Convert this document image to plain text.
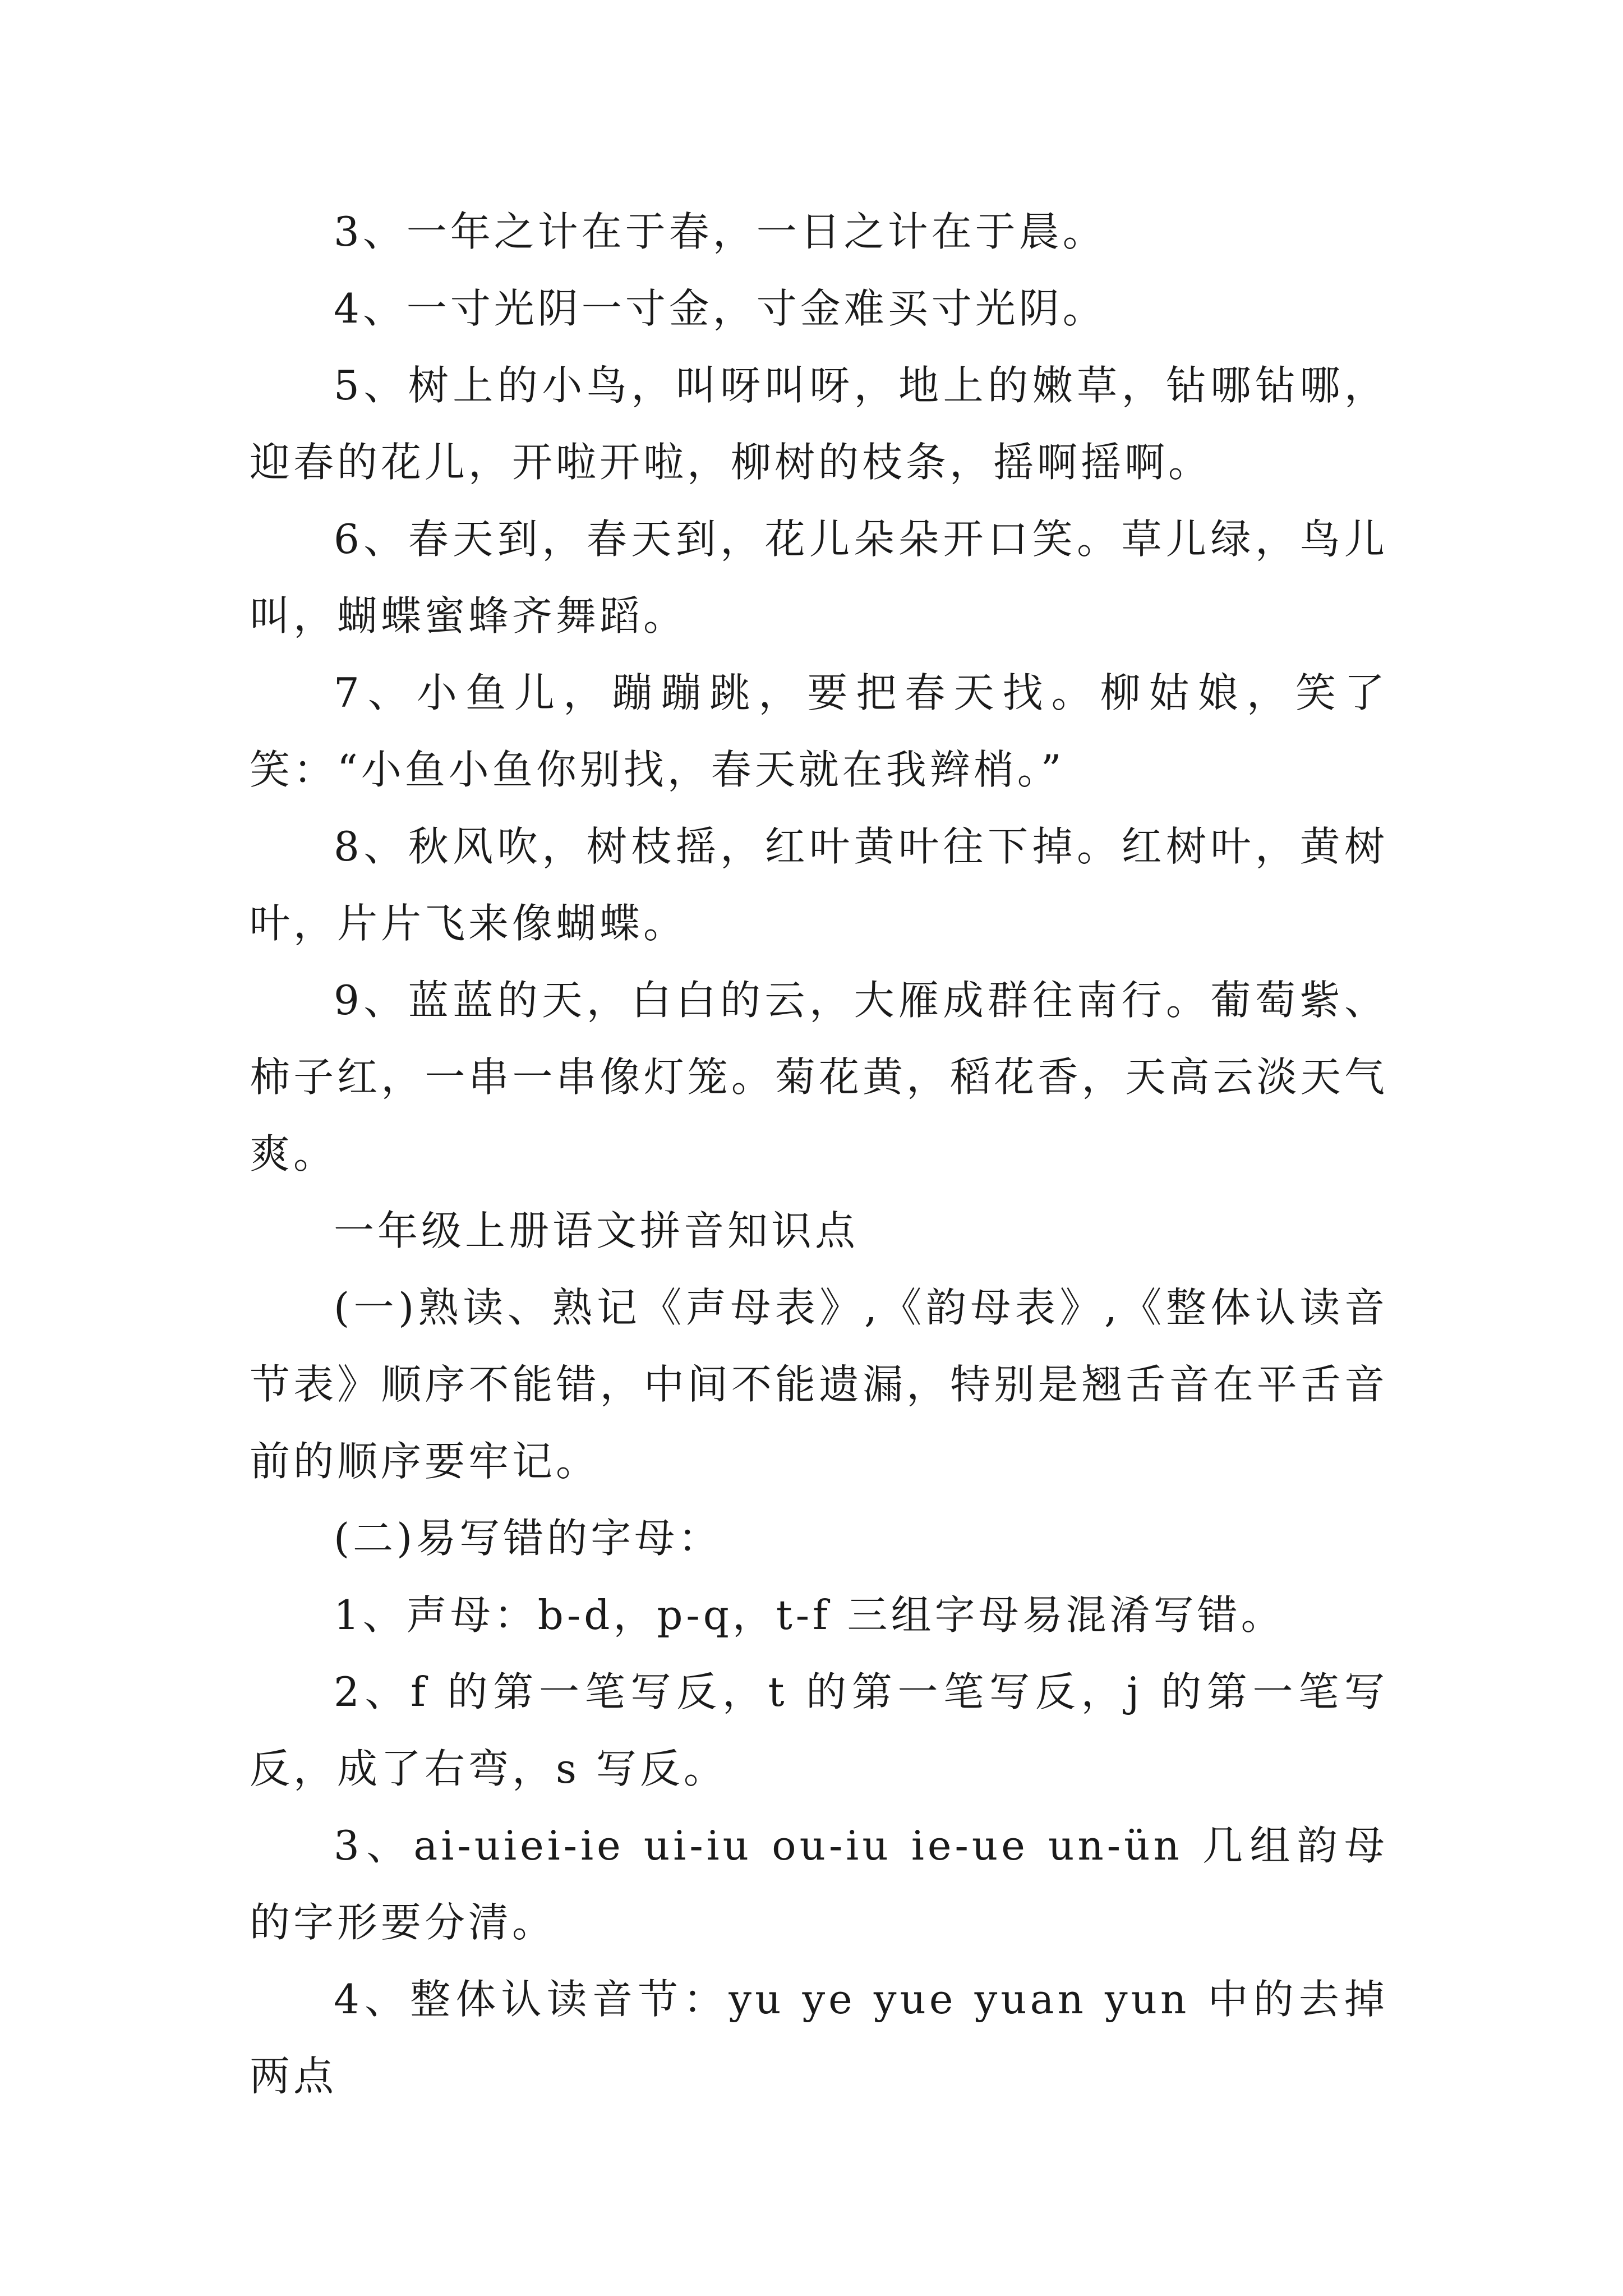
3、一年之计在于春，一日之计在于晨。

4、一寸光阴一寸金，寸金难买寸光阴。

5、树上的小鸟，叫呀叫呀，地上的嫩草，钻哪钻哪，迎春的花儿，开啦开啦，柳树的枝条，摇啊摇啊。

6、春天到，春天到，花儿朵朵开口笑。草儿绿，鸟儿叫，蝴蝶蜜蜂齐舞蹈。

7、小鱼儿，蹦蹦跳，要把春天找。柳姑娘，笑了笑：“小鱼小鱼你别找，春天就在我辫梢。”

8、秋风吹，树枝摇，红叶黄叶往下掉。红树叶，黄树叶，片片飞来像蝴蝶。

9、蓝蓝的天，白白的云，大雁成群往南行。葡萄紫、柿子红，一串一串像灯笼。菊花黄，稻花香，天高云淡天气爽。

一年级上册语文拼音知识点

(一)熟读、熟记《声母表》,《韵母表》,《整体认读音节表》顺序不能错，中间不能遗漏，特别是翘舌音在平舌音前的顺序要牢记。

(二)易写错的字母：

1、声母：b-d，p-q，t-f 三组字母易混淆写错。

2、f 的第一笔写反，t 的第一笔写反，j 的第一笔写反，成了右弯，s 写反。

3、ai-uiei-ie ui-iu ou-iu ie-ue un-ün 几组韵母的字形要分清。

4、整体认读音节：yu ye yue yuan yun 中的去掉两点
